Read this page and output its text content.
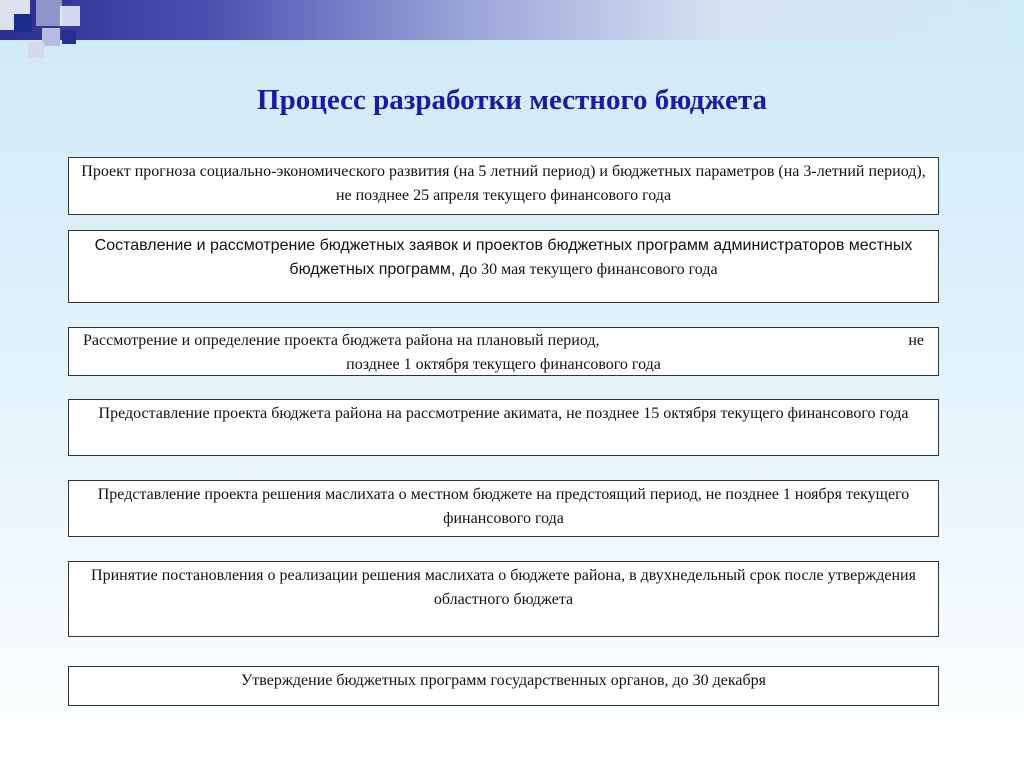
Процесс разработки местного бюджета
Проект прогноза социально-экономического развития (на 5 летний период) и бюджетных параметров (на 3-летний период), не позднее 25 апреля текущего финансового года
Составление и рассмотрение бюджетных заявок и проектов бюджетных программ администраторов местных бюджетных программ, до 30 мая текущего финансового года
Рассмотрение и определение проекта бюджета района на плановый период,	не
позднее 1 октября текущего финансового года
Предоставление проекта бюджета района на рассмотрение акимата, не позднее 15 октября текущего финансового года
Представление проекта решения маслихата о местном бюджете на предстоящий период, не позднее 1 ноября текущего финансового года
Принятие постановления о реализации решения маслихата о бюджете района, в двухнедельный срок после утверждения областного бюджета
Утверждение бюджетных программ государственных органов, до 30 декабря
